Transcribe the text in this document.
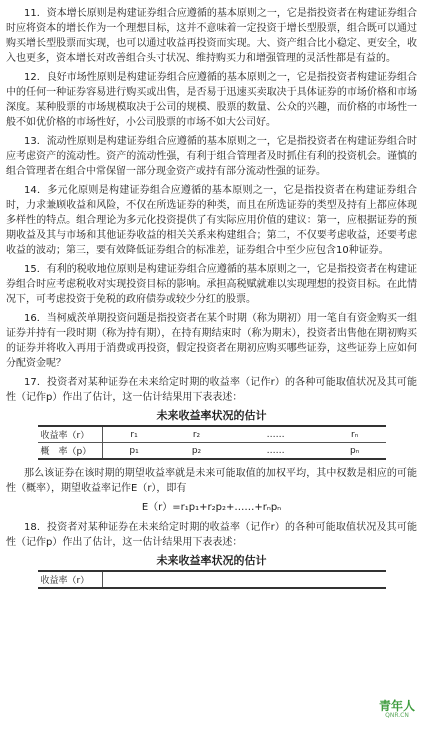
11．资本增长原则是构建证券组合应遵循的基本原则之一，它是指投资者在构建证券组合时应将资本的增长作为一个理想目标，这并不意味着一定投资于增长型股票，组合既可以通过购买增长型股票而实现，也可以通过收益再投资而实现。大、资产组合比小稳定、更安全，收入也更多，资本增长对改善组合头寸状况、维持购买力和增强管理的灵活性都是有益的。

12．良好市场性原则是构建证券组合应遵循的基本原则之一，它是指投资者构建证券组合中的任何一种证券容易进行购买或出售，是否易于迅速买卖取决于具体证券的市场价格和市场深度。某种股票的市场规模取决于公司的规模、股票的数量、公众的兴趣，而价格的市场性一般不如优价格的市场性好，小公司股票的市场不如大公司好。

13．流动性原则是构建证券组合应遵循的基本原则之一，它是指投资者在构建证券组合时应考虑资产的流动性。资产的流动性强，有利于组合管理者及时抓住有利的投资机会。谨慎的组合管理者在组合中常保留一部分现金资产或持有部分流动性强的证券。

14．多元化原则是构建证券组合应遵循的基本原则之一，它是指投资者在构建证券组合时，力求兼顾收益和风险，不仅在所选证券的种类，而且在所选证券的类型及持有上都应体现多样性的特点。组合理论为多元化投资提供了有实际应用价值的建议：第一，应根据证券的预期收益及其与市场和其他证券收益的相关关系来构建组合；第二，不仅要考虑收益，还要考虑收益的波动；第三，要有效降低证券组合的标准差，证券组合中至少应包含10种证券。

15．有利的税收地位原则是构建证券组合应遵循的基本原则之一，它是指投资者在构建证券组合时应考虑税收对实现投资目标的影响。承担高税赋就难以实现理想的投资目标。在此情况下，可考虑投资于免税的政府债券或较少分红的股票。

16．当柯威茨单期投资问题是指投资者在某个时期（称为期初）用一笔自有资金购买一组证券并持有一段时期（称为持有期），在持有期结束时（称为期末），投资者出售他在期初购买的证券并将收入再用于消费或再投资，假定投资者在期初应购买哪些证券，这些证券上应如何分配资金呢？

17．投资者对某种证券在未来给定时期的收益率（记作r）的各种可能取值状况及其可能性（记作p）作出了估计，这一估计结果用下表表述：

未来收益率状况的估计
收益率（r）	r₁	r₂	……	rₙ
概　率（p）	p₁	p₂	……	pₙ

那么该证券在该时期的期望收益率就是未来可能取值的加权平均，其中权数是相应的可能性（概率），期望收益率记作E（r），即有

E（r）=r₁p₁+r₂p₂+……+rₙpₙ

18．投资者对某种证券在未来给定时期的收益率（记作r）的各种可能取值状况及其可能性（记作p）作出了估计，这一估计结果用下表表述：

未来收益率状况的估计
收益率（r）				
青年人
QNR.CN
